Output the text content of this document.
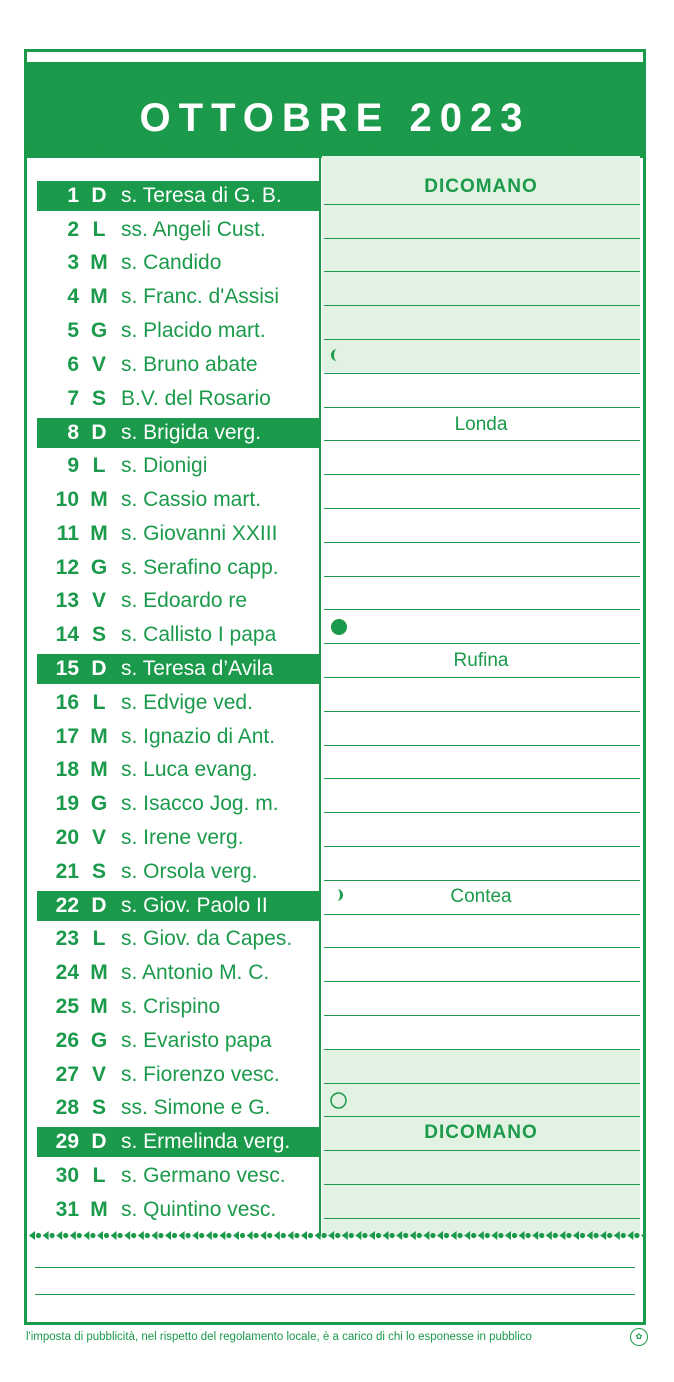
OTTOBRE 2023
1 D s. Teresa di G. B.
2 L ss. Angeli Cust.
3 M s. Candido
4 M s. Franc. d'Assisi
5 G s. Placido mart.
6 V s. Bruno abate
7 S B.V. del Rosario
8 D s. Brigida verg.
9 L s. Dionigi
10 M s. Cassio mart.
11 M s. Giovanni XXIII
12 G s. Serafino capp.
13 V s. Edoardo re
14 S s. Callisto I papa
15 D s. Teresa d’Avila
16 L s. Edvige ved.
17 M s. Ignazio di Ant.
18 M s. Luca evang.
19 G s. Isacco Jog. m.
20 V s. Irene verg.
21 S s. Orsola verg.
22 D s. Giov. Paolo II
23 L s. Giov. da Capes.
24 M s. Antonio M. C.
25 M s. Crispino
26 G s. Evaristo papa
27 V s. Fiorenzo vesc.
28 S ss. Simone e G.
29 D s. Ermelinda verg.
30 L s. Germano vesc.
31 M s. Quintino vesc.
DICOMANO
Londa
Rufina
Contea
DICOMANO
l'imposta di pubblicità, nel rispetto del regolamento locale, è a carico di chi lo esponesse in pubblico	✿
